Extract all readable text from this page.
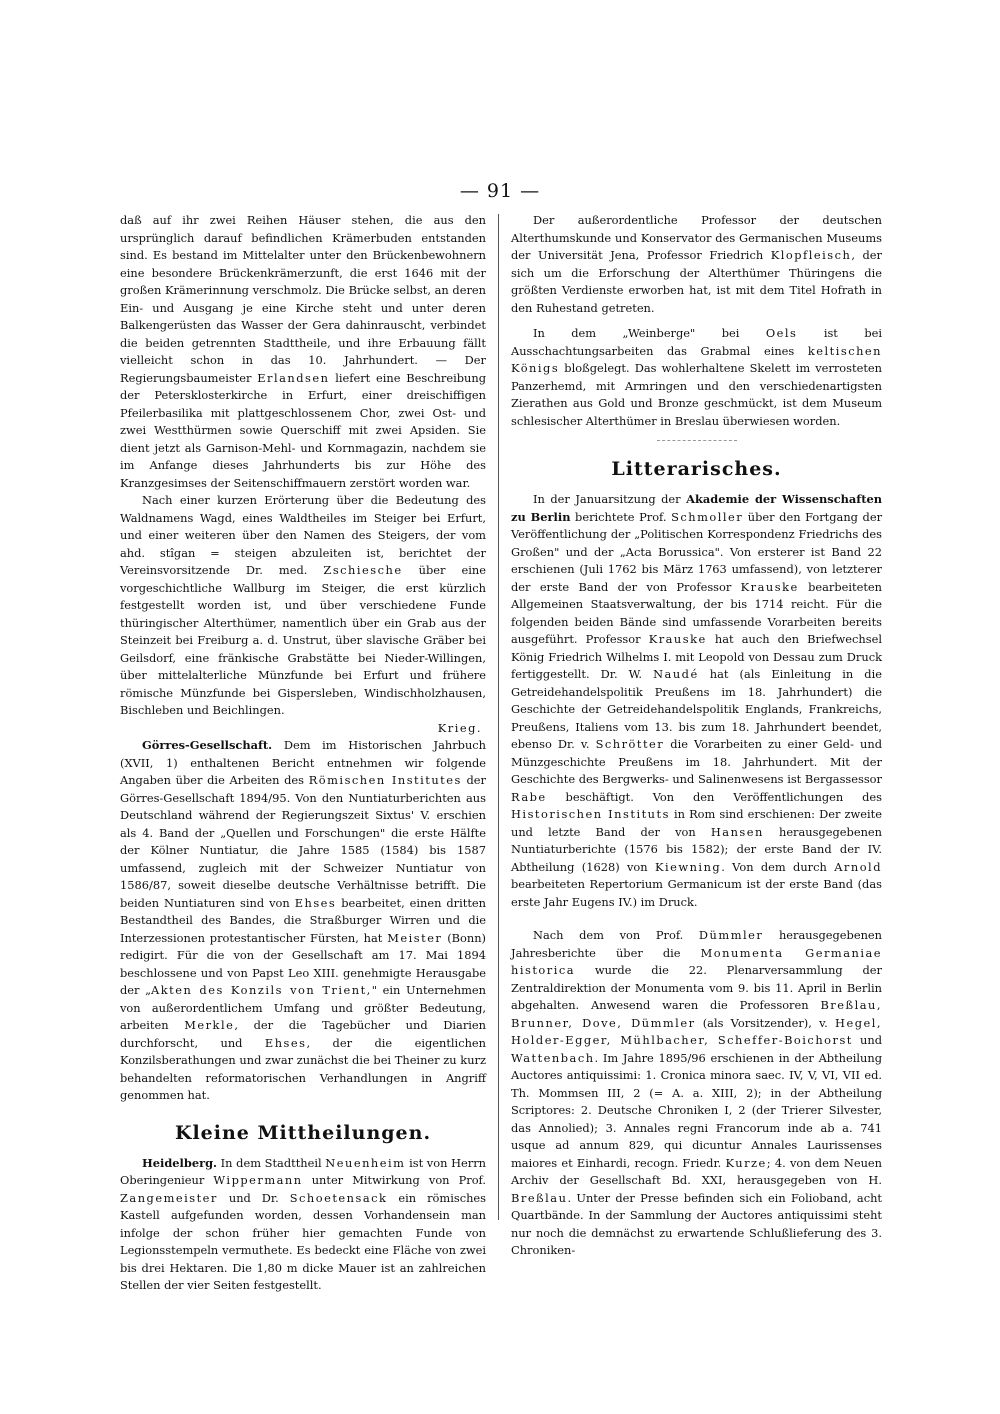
— 91 —

daß auf ihr zwei Reihen Häuser stehen, die aus den ursprünglich darauf befindlichen Krämerbuden entstanden sind. Es bestand im Mittelalter unter den Brückenbewohnern eine besondere Brückenkrämerzunft, die erst 1646 mit der großen Krämerinnung verschmolz. Die Brücke selbst, an deren Ein- und Ausgang je eine Kirche steht und unter deren Balkengerüsten das Wasser der Gera dahinrauscht, verbindet die beiden getrennten Stadttheile, und ihre Erbauung fällt vielleicht schon in das 10. Jahrhundert. — Der Regierungsbaumeister Erlandsen liefert eine Beschreibung der Petersklosterkirche in Erfurt, einer dreischiffigen Pfeilerbasilika mit plattgeschlossenem Chor, zwei Ost- und zwei Westthürmen sowie Querschiff mit zwei Apsiden. Sie dient jetzt als Garnison-Mehl- und Kornmagazin, nachdem sie im Anfange dieses Jahrhunderts bis zur Höhe des Kranzgesimses der Seitenschiffmauern zerstört worden war.

Nach einer kurzen Erörterung über die Bedeutung des Waldnamens Wagd, eines Waldtheiles im Steiger bei Erfurt, und einer weiteren über den Namen des Steigers, der vom ahd. stîgan = steigen abzuleiten ist, berichtet der Vereinsvorsitzende Dr. med. Zschiesche über eine vorgeschichtliche Wallburg im Steiger, die erst kürzlich festgestellt worden ist, und über verschiedene Funde thüringischer Alterthümer, namentlich über ein Grab aus der Steinzeit bei Freiburg a. d. Unstrut, über slavische Gräber bei Geilsdorf, eine fränkische Grabstätte bei Nieder-Willingen, über mittelalterliche Münzfunde bei Erfurt und frühere römische Münzfunde bei Gispersleben, Windischholzhausen, Bischleben und Beichlingen.

Krieg.

Görres-Gesellschaft. Dem im Historischen Jahrbuch (XVII, 1) enthaltenen Bericht entnehmen wir folgende Angaben über die Arbeiten des Römischen Institutes der Görres-Gesellschaft 1894/95. Von den Nuntiaturberichten aus Deutschland während der Regierungszeit Sixtus' V. erschien als 4. Band der „Quellen und Forschungen" die erste Hälfte der Kölner Nuntiatur, die Jahre 1585 (1584) bis 1587 umfassend, zugleich mit der Schweizer Nuntiatur von 1586/87, soweit dieselbe deutsche Verhältnisse betrifft. Die beiden Nuntiaturen sind von Ehses bearbeitet, einen dritten Bestandtheil des Bandes, die Straßburger Wirren und die Interzessionen protestantischer Fürsten, hat Meister (Bonn) redigirt. Für die von der Gesellschaft am 17. Mai 1894 beschlossene und von Papst Leo XIII. genehmigte Herausgabe der „Akten des Konzils von Trient," ein Unternehmen von außerordentlichem Umfang und größter Bedeutung, arbeiten Merkle, der die Tagebücher und Diarien durchforscht, und Ehses, der die eigentlichen Konzilsberathungen und zwar zunächst die bei Theiner zu kurz behandelten reformatorischen Verhandlungen in Angriff genommen hat.

Kleine Mittheilungen.

Heidelberg. In dem Stadttheil Neuenheim ist von Herrn Oberingenieur Wippermann unter Mitwirkung von Prof. Zangemeister und Dr. Schoetensack ein römisches Kastell aufgefunden worden, dessen Vorhandensein man infolge der schon früher hier gemachten Funde von Legionsstempeln vermuthete. Es bedeckt eine Fläche von zwei bis drei Hektaren. Die 1,80 m dicke Mauer ist an zahlreichen Stellen der vier Seiten festgestellt.

Der außerordentliche Professor der deutschen Alterthumskunde und Konservator des Germanischen Museums der Universität Jena, Professor Friedrich Klopfleisch, der sich um die Erforschung der Alterthümer Thüringens die größten Verdienste erworben hat, ist mit dem Titel Hofrath in den Ruhestand getreten.

In dem „Weinberge" bei Oels ist bei Ausschachtungsarbeiten das Grabmal eines keltischen Königs bloßgelegt. Das wohlerhaltene Skelett im verrosteten Panzerhemd, mit Armringen und den verschiedenartigsten Zierathen aus Gold und Bronze geschmückt, ist dem Museum schlesischer Alterthümer in Breslau überwiesen worden.

Litterarisches.

In der Januarsitzung der Akademie der Wissenschaften zu Berlin berichtete Prof. Schmoller über den Fortgang der Veröffentlichung der „Politischen Korrespondenz Friedrichs des Großen" und der „Acta Borussica". Von ersterer ist Band 22 erschienen (Juli 1762 bis März 1763 umfassend), von letzterer der erste Band der von Professor Krauske bearbeiteten Allgemeinen Staatsverwaltung, der bis 1714 reicht. Für die folgenden beiden Bände sind umfassende Vorarbeiten bereits ausgeführt. Professor Krauske hat auch den Briefwechsel König Friedrich Wilhelms I. mit Leopold von Dessau zum Druck fertiggestellt. Dr. W. Naudé hat (als Einleitung in die Getreidehandelspolitik Preußens im 18. Jahrhundert) die Geschichte der Getreidehandelspolitik Englands, Frankreichs, Preußens, Italiens vom 13. bis zum 18. Jahrhundert beendet, ebenso Dr. v. Schrötter die Vorarbeiten zu einer Geld- und Münzgeschichte Preußens im 18. Jahrhundert. Mit der Geschichte des Bergwerks- und Salinenwesens ist Bergassessor Rabe beschäftigt. Von den Veröffentlichungen des Historischen Instituts in Rom sind erschienen: Der zweite und letzte Band der von Hansen herausgegebenen Nuntiaturberichte (1576 bis 1582); der erste Band der IV. Abtheilung (1628) von Kiewning. Von dem durch Arnold bearbeiteten Repertorium Germanicum ist der erste Band (das erste Jahr Eugens IV.) im Druck.

Nach dem von Prof. Dümmler herausgegebenen Jahresberichte über die Monumenta Germaniae historica wurde die 22. Plenarversammlung der Zentraldirektion der Monumenta vom 9. bis 11. April in Berlin abgehalten. Anwesend waren die Professoren Breßlau, Brunner, Dove, Dümmler (als Vorsitzender), v. Hegel, Holder-Egger, Mühlbacher, Scheffer-Boichorst und Wattenbach. Im Jahre 1895/96 erschienen in der Abtheilung Auctores antiquissimi: 1. Cronica minora saec. IV, V, VI, VII ed. Th. Mommsen III, 2 (= A. a. XIII, 2); in der Abtheilung Scriptores: 2. Deutsche Chroniken I, 2 (der Trierer Silvester, das Annolied); 3. Annales regni Francorum inde ab a. 741 usque ad annum 829, qui dicuntur Annales Laurissenses maiores et Einhardi, recogn. Friedr. Kurze; 4. von dem Neuen Archiv der Gesellschaft Bd. XXI, herausgegeben von H. Breßlau. Unter der Presse befinden sich ein Folioband, acht Quartbände. In der Sammlung der Auctores antiquissimi steht nur noch die demnächst zu erwartende Schlußlieferung des 3. Chroniken-
